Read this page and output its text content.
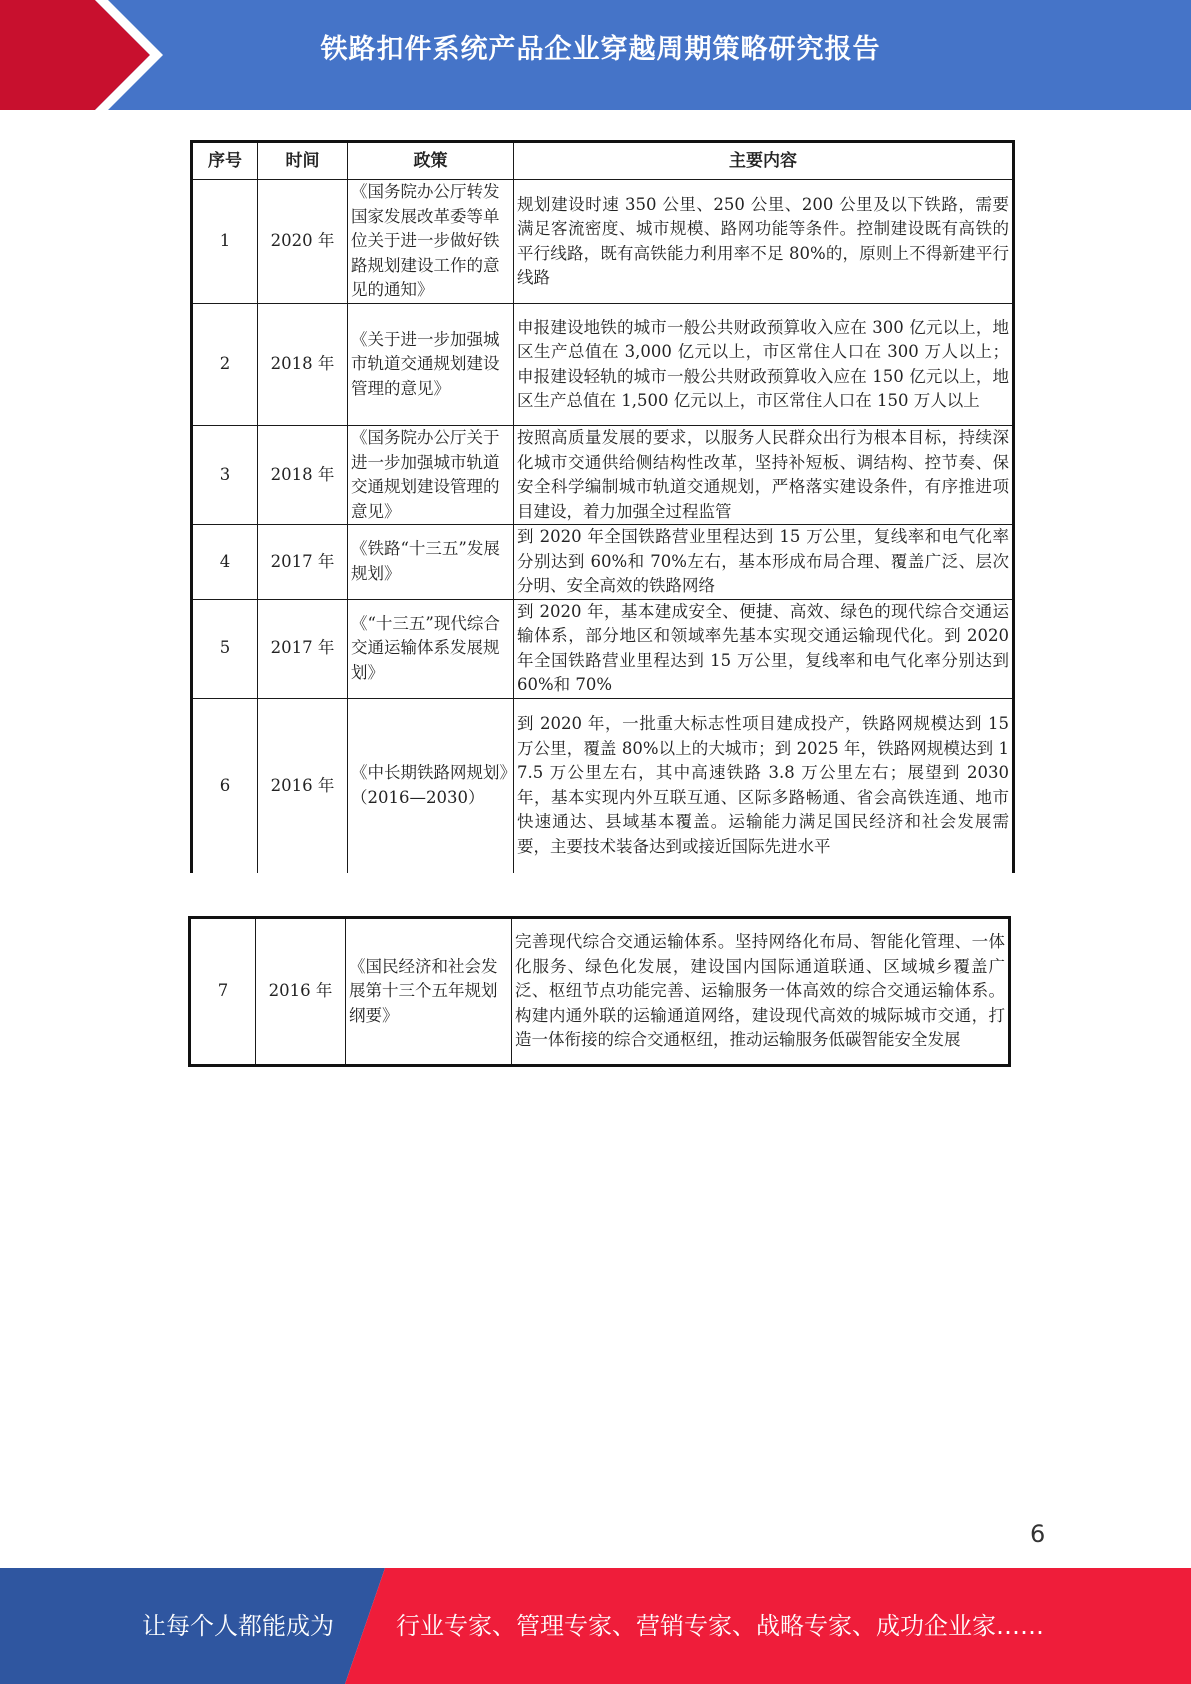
铁路扣件系统产品企业穿越周期策略研究报告
序号	时间	政策	主要内容
1	2020 年	《国务院办公厅转发国家发展改革委等单位关于进一步做好铁路规划建设工作的意见的通知》	规划建设时速 350 公里、250 公里、200 公里及以下铁路，需要满足客流密度、城市规模、路网功能等条件。控制建设既有高铁的平行线路，既有高铁能力利用率不足 80%的，原则上不得新建平行线路
2	2018 年	《关于进一步加强城市轨道交通规划建设管理的意见》	申报建设地铁的城市一般公共财政预算收入应在 300 亿元以上，地区生产总值在 3,000 亿元以上，市区常住人口在 300 万人以上；申报建设轻轨的城市一般公共财政预算收入应在 150 亿元以上，地区生产总值在 1,500 亿元以上，市区常住人口在 150 万人以上
3	2018 年	《国务院办公厅关于进一步加强城市轨道交通规划建设管理的意见》	按照高质量发展的要求，以服务人民群众出行为根本目标，持续深化城市交通供给侧结构性改革，坚持补短板、调结构、控节奏、保安全科学编制城市轨道交通规划，严格落实建设条件，有序推进项目建设，着力加强全过程监管
4	2017 年	《铁路“十三五”发展规划》	到 2020 年全国铁路营业里程达到 15 万公里，复线率和电气化率分别达到 60%和 70%左右，基本形成布局合理、覆盖广泛、层次分明、安全高效的铁路网络
5	2017 年	《“十三五”现代综合交通运输体系发展规划》	到 2020 年，基本建成安全、便捷、高效、绿色的现代综合交通运输体系，部分地区和领域率先基本实现交通运输现代化。到 2020 年全国铁路营业里程达到 15 万公里，复线率和电气化率分别达到 60%和 70%
6	2016 年	《中长期铁路网规划》（2016—2030）	到 2020 年，一批重大标志性项目建成投产，铁路网规模达到 15 万公里，覆盖 80%以上的大城市；到 2025 年，铁路网规模达到 17.5 万公里左右，其中高速铁路 3.8 万公里左右；展望到 2030 年，基本实现内外互联互通、区际多路畅通、省会高铁连通、地市快速通达、县域基本覆盖。运输能力满足国民经济和社会发展需要，主要技术装备达到或接近国际先进水平
7	2016 年	《国民经济和社会发展第十三个五年规划纲要》	完善现代综合交通运输体系。坚持网络化布局、智能化管理、一体化服务、绿色化发展，建设国内国际通道联通、区域城乡覆盖广泛、枢纽节点功能完善、运输服务一体高效的综合交通运输体系。构建内通外联的运输通道网络，建设现代高效的城际城市交通，打造一体衔接的综合交通枢纽，推动运输服务低碳智能安全发展
6
让每个人都能成为	行业专家、管理专家、营销专家、战略专家、成功企业家……
